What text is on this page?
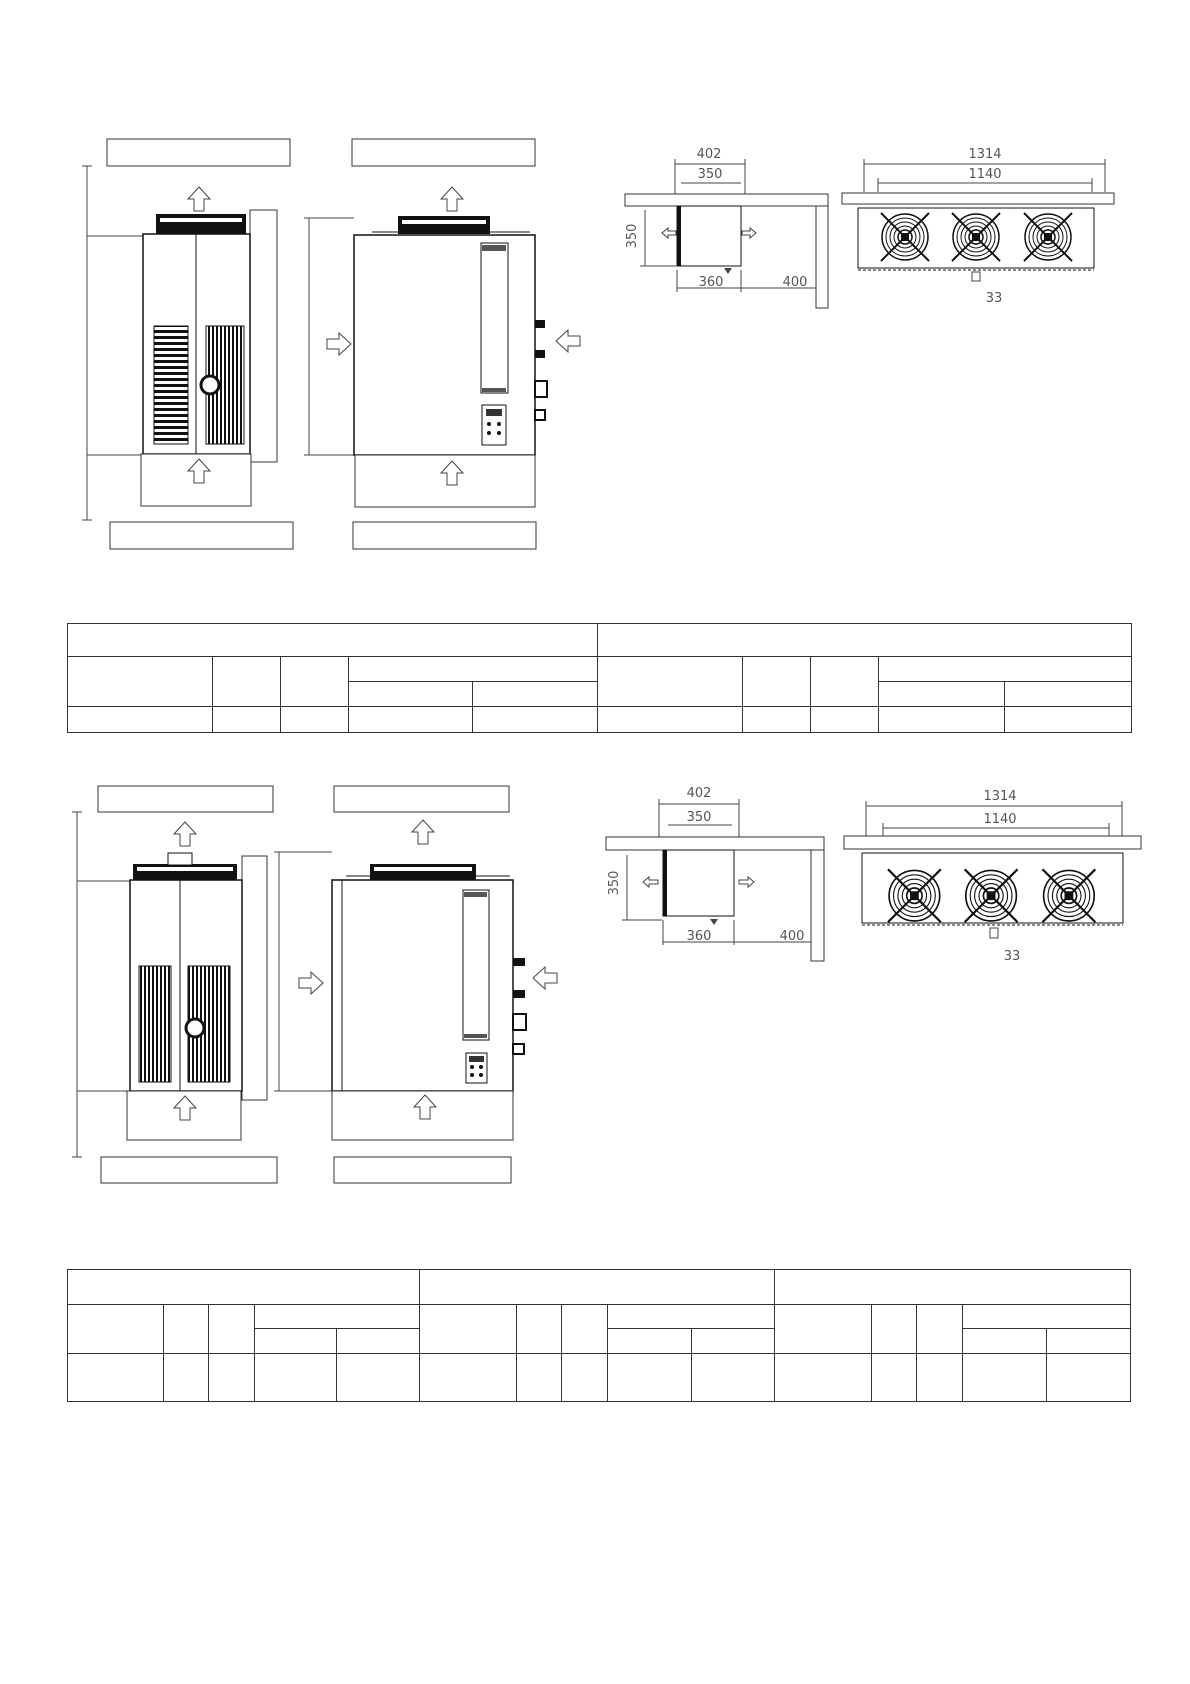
402
350
350
360	400
1314
1140
33
402
350
350
360	400
1314
1140
33
